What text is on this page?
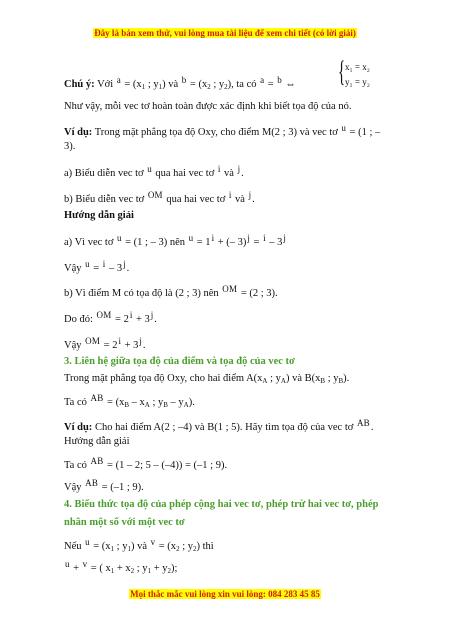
Đây là bản xem thử, vui lòng mua tài liệu để xem chi tiết (có lời giải)
{ x₁ = x₂
y₁ = y₂
Chú ý: Với $a = (x_1$ ; $y_1$) và $b = (x_2$ ; $y_2$), ta có a = b ⇔
Như vậy, mỗi vec tơ hoàn toàn được xác định khi biết tọa độ của nó.
Ví dụ: Trong mặt phẳng tọa độ Oxy, cho điểm M(2 ; 3) và vec tơ u = (1 ; –
3).
a) Biểu diễn vec tơ u qua hai vec tơ i và j.
b) Biểu diễn vec tơ OM qua hai vec tơ i và j.
Hướng dẫn giải
a) Vì vec tơ u = (1 ; – 3) nên u = 1i + (– 3)j = i – 3j
Vậy u = i – 3j.
b) Vì điểm M có tọa độ là (2 ; 3) nên OM = (2 ; 3).
Do đó: OM = 2i + 3j.
Vậy OM = 2i + 3j.
3. Liên hệ giữa tọa độ của điểm và tọa độ của vec tơ
Trong mặt phẳng tọa độ Oxy, cho hai điểm $A(x_A$ ; $y_A$) và $B(x_B$ ; $y_B$).
Ta có AB = ($x_B - x_A$ ; $y_B - y_A$).
Ví dụ: Cho hai điểm A(2 ; –4) và B(1 ; 5). Hãy tìm tọa độ của vec tơ AB.
Hướng dẫn giải
Ta có AB = (1 – 2; 5 – (–4)) = (–1 ; 9).
Vậy AB = (–1 ; 9).
4. Biểu thức tọa độ của phép cộng hai vec tơ, phép trừ hai vec tơ, phép
nhân một số với một vec tơ
Nếu $u = (x_1$ ; $y_1$) và $v = (x_2$ ; $y_2$) thì
u + v = ( $x_1 + x_2$ ; $y_1 + y_2$);
Mọi thắc mắc vui lòng xin vui lòng: 084 283 45 85
